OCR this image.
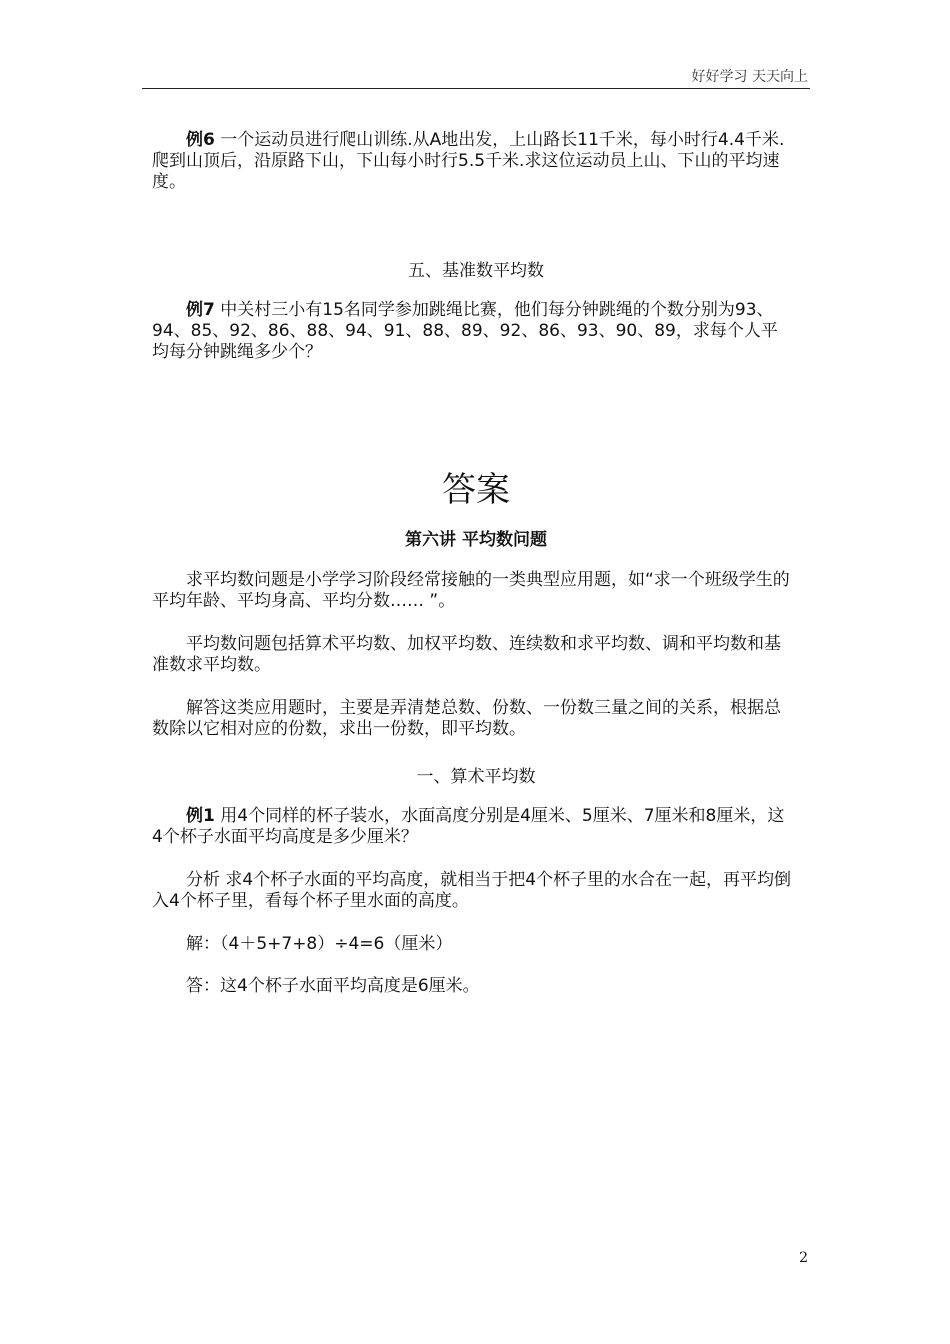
好好学习 天天向上

例6 一个运动员进行爬山训练.从A地出发，上山路长11千米，每小时行4.4千米.爬到山顶后，沿原路下山，下山每小时行5.5千米.求这位运动员上山、下山的平均速度。

五、基准数平均数

例7 中关村三小有15名同学参加跳绳比赛，他们每分钟跳绳的个数分别为93、94、85、92、86、88、94、91、88、89、92、86、93、90、89，求每个人平均每分钟跳绳多少个？

答案

第六讲 平均数问题

求平均数问题是小学学习阶段经常接触的一类典型应用题，如“求一个班级学生的平均年龄、平均身高、平均分数…… ”。

平均数问题包括算术平均数、加权平均数、连续数和求平均数、调和平均数和基准数求平均数。

解答这类应用题时，主要是弄清楚总数、份数、一份数三量之间的关系，根据总数除以它相对应的份数，求出一份数，即平均数。

一、算术平均数

例1 用4个同样的杯子装水，水面高度分别是4厘米、5厘米、7厘米和8厘米，这4个杯子水面平均高度是多少厘米？

分析 求4个杯子水面的平均高度，就相当于把4个杯子里的水合在一起，再平均倒入4个杯子里，看每个杯子里水面的高度。

解：（4＋5+7+8）÷4=6（厘米）

答：这4个杯子水面平均高度是6厘米。

2
